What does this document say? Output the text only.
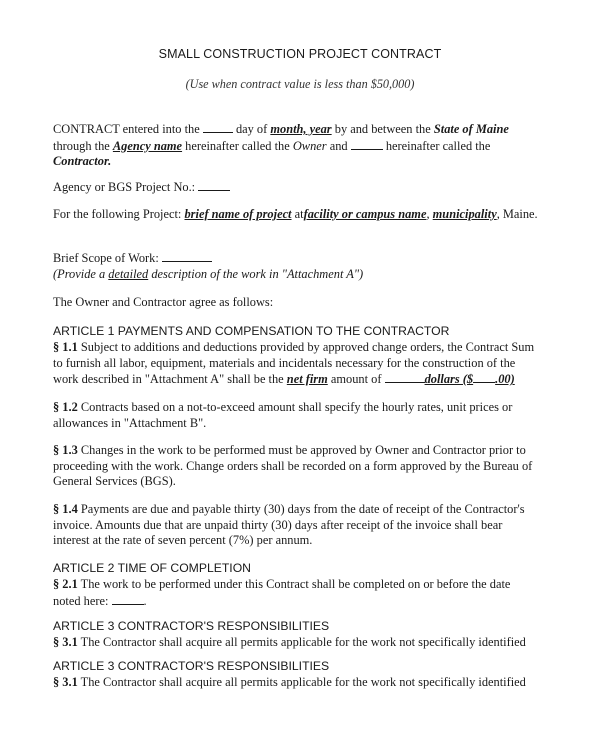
SMALL CONSTRUCTION PROJECT CONTRACT
(Use when contract value is less than $50,000)
CONTRACT entered into the	day of month, year by and between the State of Maine
through the Agency name hereinafter called the Owner and	hereinafter called the
Contractor.
Agency or BGS Project No.:
For the following Project: brief name of project atfacility or campus name, municipality, Maine.
Brief Scope of Work:
(Provide a detailed description of the work in "Attachment A")
The Owner and Contractor agree as follows:
ARTICLE 1 PAYMENTS AND COMPENSATION TO THE CONTRACTOR
§ 1.1 Subject to additions and deductions provided by approved change orders, the Contract Sum
to furnish all labor, equipment, materials and incidentals necessary for the construction of the
work described in "Attachment A" shall be the net firm amount of	dollars ($ .00)
§ 1.2 Contracts based on a not-to-exceed amount shall specify the hourly rates, unit prices or
allowances in "Attachment B".
§ 1.3 Changes in the work to be performed must be approved by Owner and Contractor prior to
proceeding with the work. Change orders shall be recorded on a form approved by the Bureau of
General Services (BGS).
§ 1.4 Payments are due and payable thirty (30) days from the date of receipt of the Contractor's
invoice. Amounts due that are unpaid thirty (30) days after receipt of the invoice shall bear
interest at the rate of seven percent (7%) per annum.
ARTICLE 2 TIME OF COMPLETION
§ 2.1 The work to be performed under this Contract shall be completed on or before the date
noted here:	.
ARTICLE 3 CONTRACTOR'S RESPONSIBILITIES
§ 3.1 The Contractor shall acquire all permits applicable for the work not specifically identified
ARTICLE 3 CONTRACTOR'S RESPONSIBILITIES
§ 3.1 The Contractor shall acquire all permits applicable for the work not specifically identified
